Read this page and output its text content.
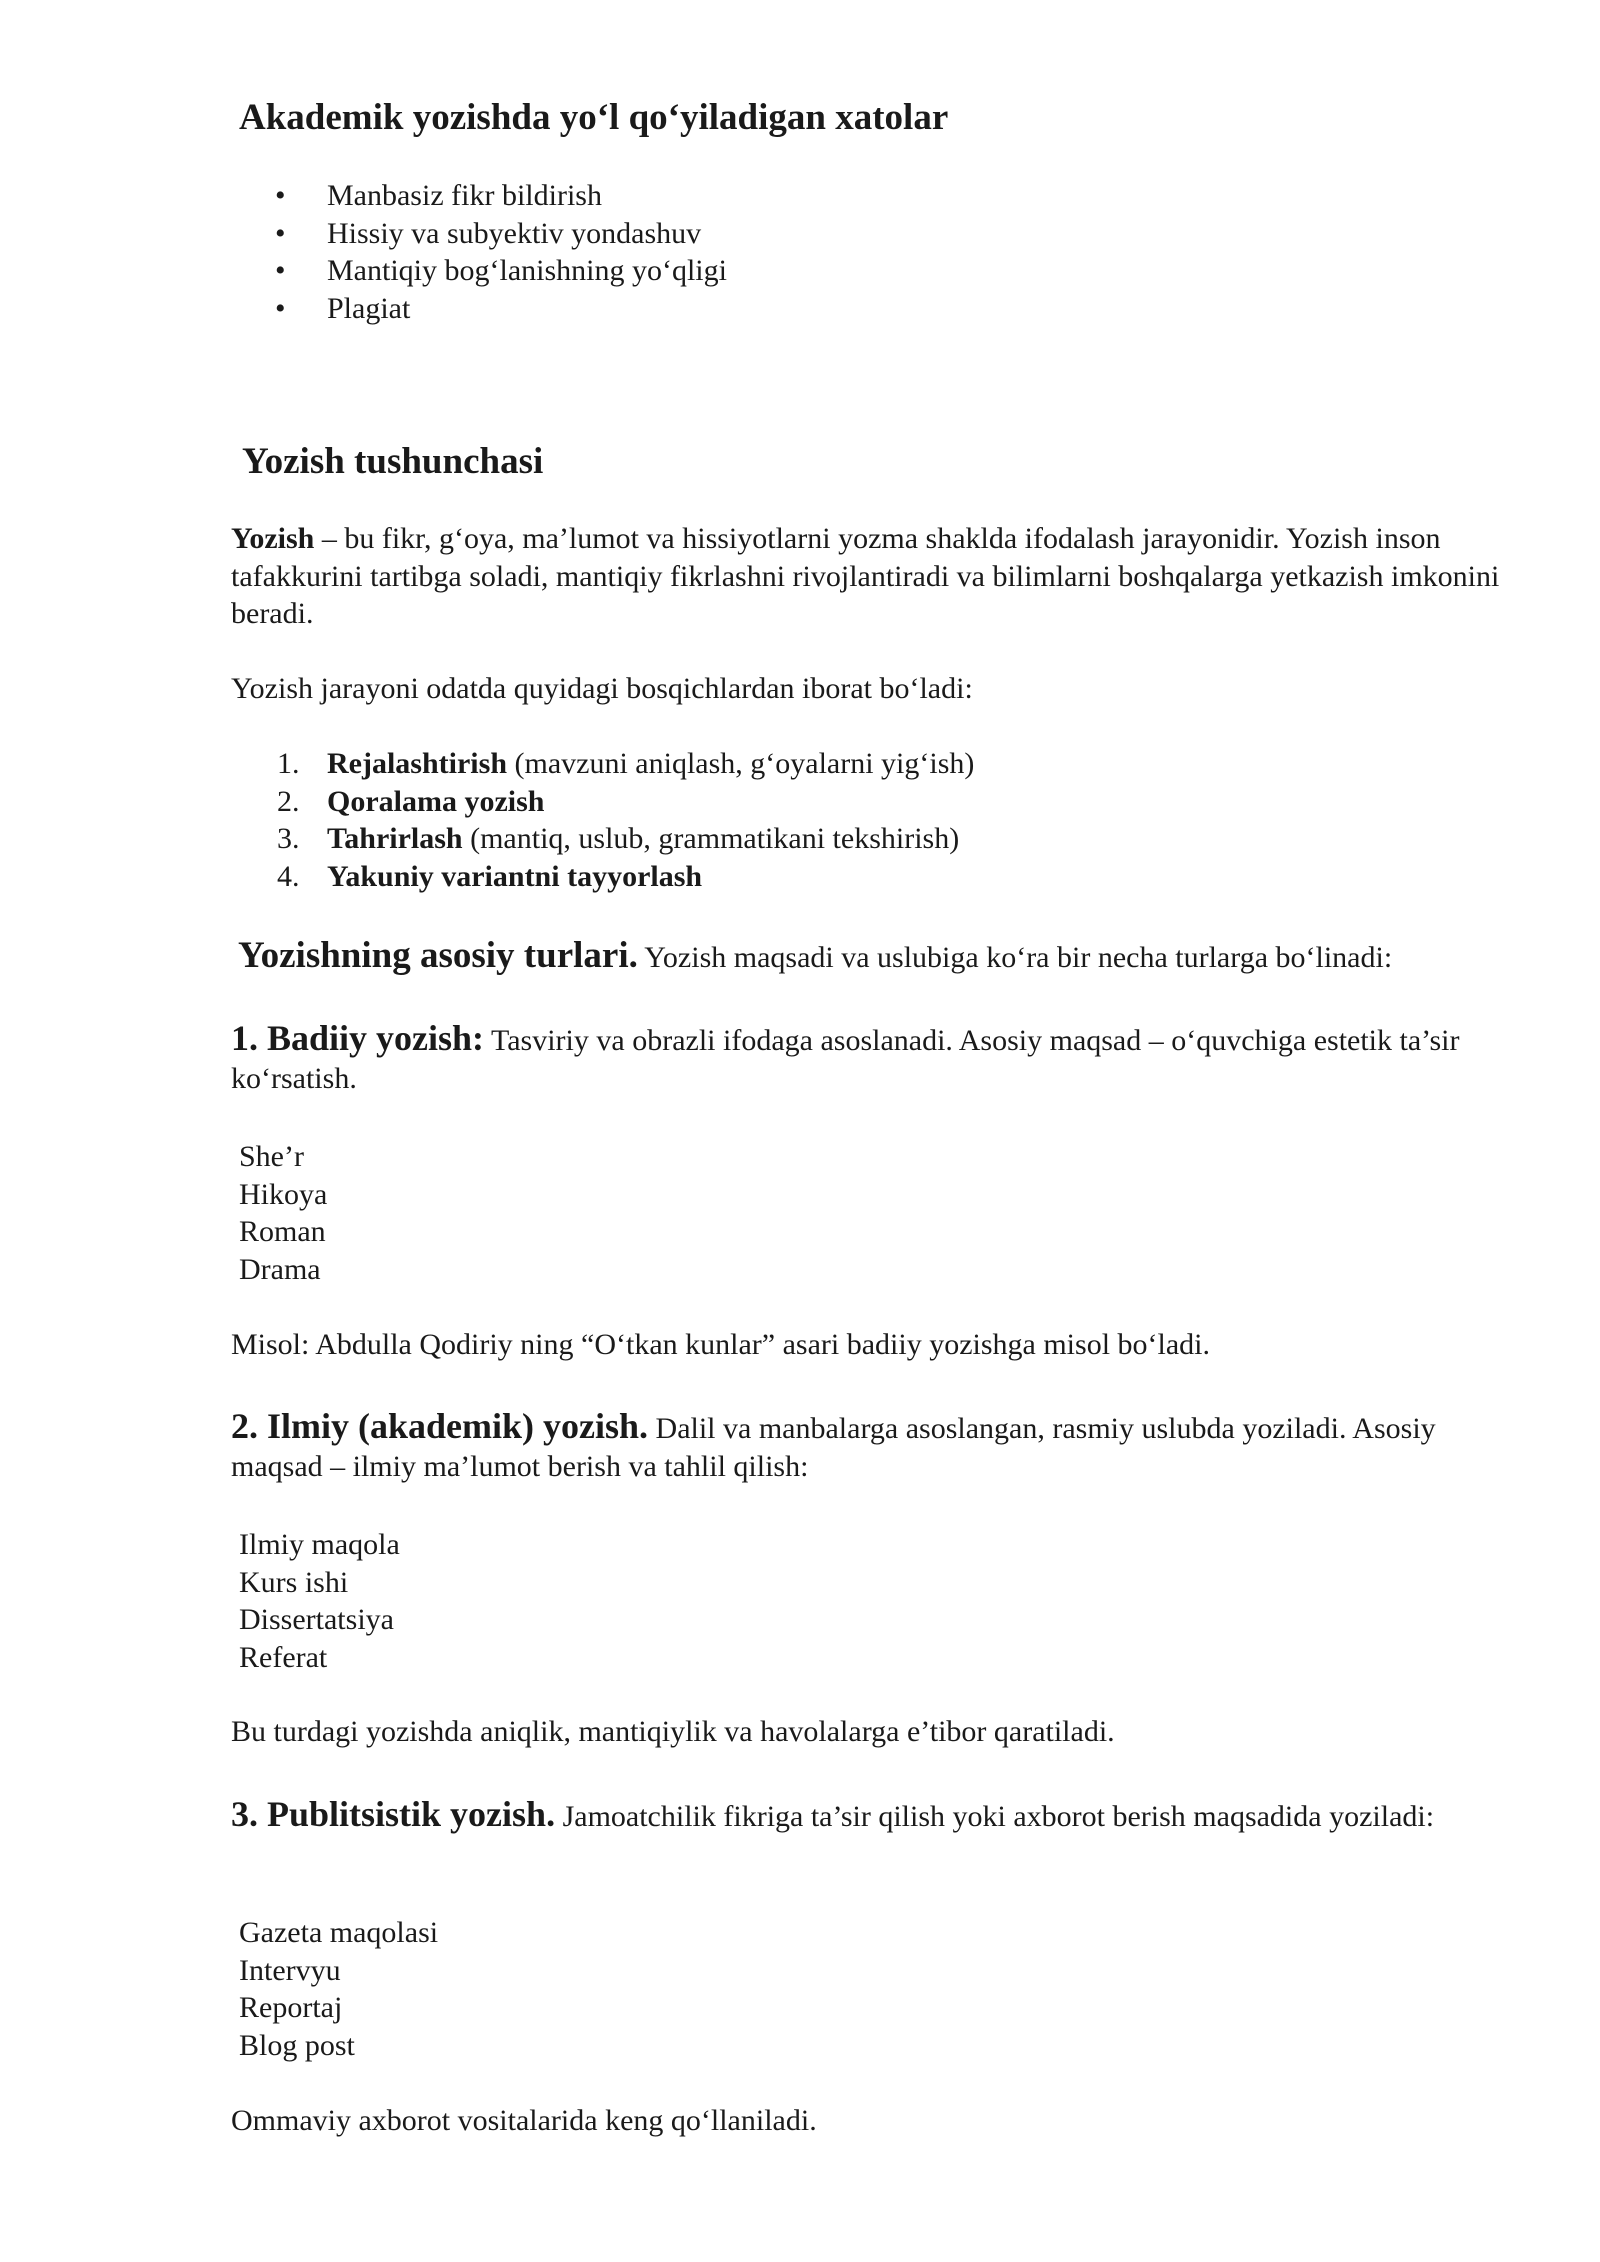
Akademik yozishda yo‘l qo‘yiladigan xatolar
• Manbasiz fikr bildirish
• Hissiy va subyektiv yondashuv
• Mantiqiy bog‘lanishning yo‘qligi
• Plagiat
Yozish tushunchasi
Yozish – bu fikr, g‘oya, ma’lumot va hissiyotlarni yozma shaklda ifodalash jarayonidir. Yozish inson tafakkurini tartibga soladi, mantiqiy fikrlashni rivojlantiradi va bilimlarni boshqalarga yetkazish imkonini beradi.
Yozish jarayoni odatda quyidagi bosqichlardan iborat bo‘ladi:
1. Rejalashtirish (mavzuni aniqlash, g‘oyalarni yig‘ish)
2. Qoralama yozish
3. Tahrirlash (mantiq, uslub, grammatikani tekshirish)
4. Yakuniy variantni tayyorlash
Yozishning asosiy turlari. Yozish maqsadi va uslubiga ko‘ra bir necha turlarga bo‘linadi:
1. Badiiy yozish: Tasviriy va obrazli ifodaga asoslanadi. Asosiy maqsad – o‘quvchiga estetik ta’sir ko‘rsatish.
She’r
Hikoya
Roman
Drama
Misol: Abdulla Qodiriy ning “O‘tkan kunlar” asari badiiy yozishga misol bo‘ladi.
2. Ilmiy (akademik) yozish. Dalil va manbalarga asoslangan, rasmiy uslubda yoziladi. Asosiy maqsad – ilmiy ma’lumot berish va tahlil qilish:
Ilmiy maqola
Kurs ishi
Dissertatsiya
Referat
Bu turdagi yozishda aniqlik, mantiqiylik va havolalarga e’tibor qaratiladi.
3. Publitsistik yozish. Jamoatchilik fikriga ta’sir qilish yoki axborot berish maqsadida yoziladi:
Gazeta maqolasi
Intervyu
Reportaj
Blog post
Ommaviy axborot vositalarida keng qo‘llaniladi.
